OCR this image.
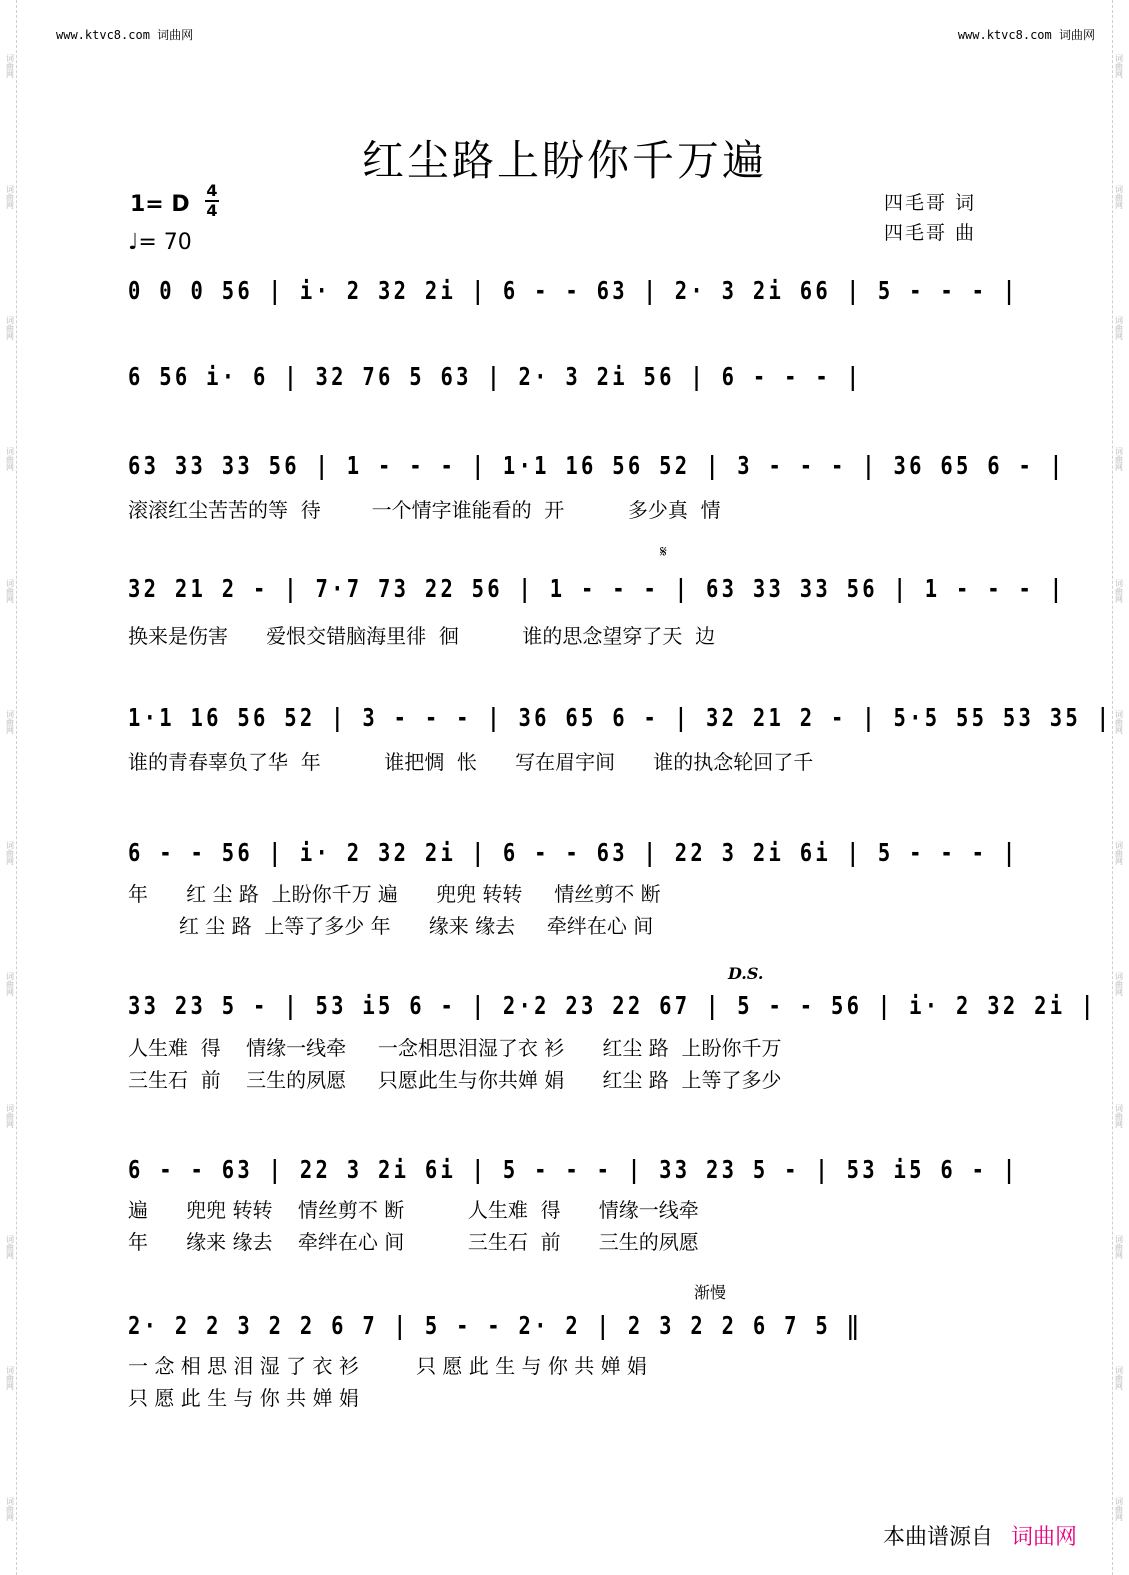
词曲网
词曲网
词曲网
词曲网
词曲网
词曲网
词曲网
词曲网
词曲网
词曲网
词曲网
词曲网
词曲网
词曲网
词曲网
词曲网
词曲网
词曲网
词曲网
词曲网
词曲网
词曲网
词曲网
词曲网
www.ktvc8.com 词曲网	www.ktvc8.com 词曲网
红尘路上盼你千万遍
1= D
4
4
♩= 70
四毛哥 词
四毛哥 曲
0 0 0 56 | i· 2 32 2i | 6 - - 63 | 2· 3 2i 66 | 5 - - - |
6 56 i· 6 | 32 76 5 63 | 2· 3 2i 56 | 6 - - - |
63 33 33 56 | 1 - - - | 1·1 16 56 52 | 3 - - - | 36 65 6 - |
滚滚红尘苦苦的等  待        一个情字谁能看的  开          多少真  情
𝄋
32 21 2 - | 7·7 73 22 56 | 1 - - - | 63 33 33 56 | 1 - - - |
换来是伤害      爱恨交错脑海里徘  徊          谁的思念望穿了天  边
1·1 16 56 52 | 3 - - - | 36 65 6 - | 32 21 2 - | 5·5 55 53 35 |
谁的青春辜负了华  年          谁把惆  怅      写在眉宇间      谁的执念轮回了千
6 - - 56 | i· 2 32 2i | 6 - - 63 | 22 3 2i 6i | 5 - - - |
年      红 尘 路  上盼你千万 遍      兜兜 转转     情丝剪不 断
红 尘 路  上等了多少 年      缘来 缘去     牵绊在心 间
D.S.
33 23 5 - | 53 i5 6 - | 2·2 23 22 67 | 5 - - 56 | i· 2 32 2i |
人生难  得    情缘一线牵     一念相思泪湿了衣 衫      红尘 路  上盼你千万
三生石  前    三生的夙愿     只愿此生与你共婵 娟      红尘 路  上等了多少
6 - - 63 | 22 3 2i 6i | 5 - - - | 33 23 5 - | 53 i5 6 - |
遍      兜兜 转转    情丝剪不 断          人生难  得      情缘一线牵
年      缘来 缘去    牵绊在心 间          三生石  前      三生的夙愿
渐慢
2· 2 2 3 2 2 6 7 | 5 - - 2· 2 | 2 3 2 2 6 7 5 ‖
一 念 相 思 泪 湿 了 衣 衫         只 愿 此 生 与 你 共 婵 娟
只 愿 此 生 与 你 共 婵 娟
本曲谱源自 词曲网
